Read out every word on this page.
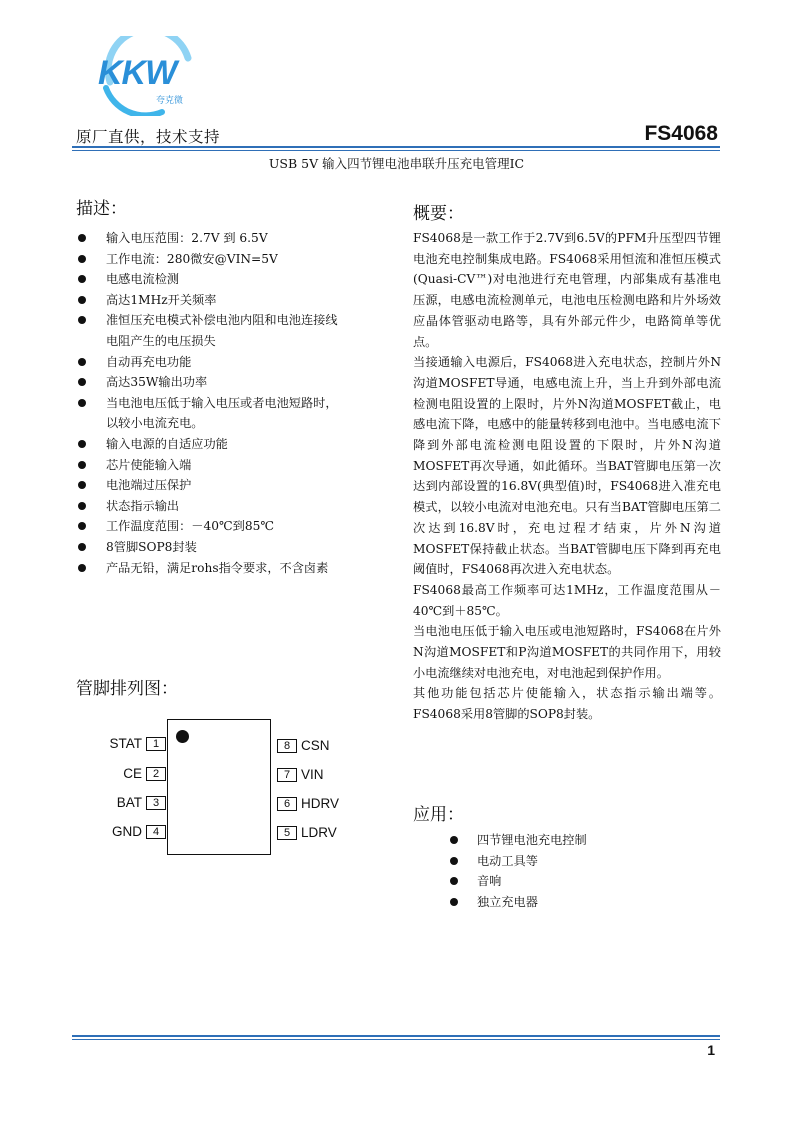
KKW
夸克微
原厂直供，技术支持	FS4068
USB 5V 输入四节锂电池串联升压充电管理IC
描述：
输入电压范围：2.7V 到 6.5V
工作电流：280微安@VIN=5V
电感电流检测
高达1MHz开关频率
准恒压充电模式补偿电池内阻和电池连接线
电阻产生的电压损失
自动再充电功能
高达35W输出功率
当电池电压低于输入电压或者电池短路时，
以较小电流充电。
输入电源的自适应功能
芯片使能输入端
电池端过压保护
状态指示输出
工作温度范围：－40℃到85℃
8管脚SOP8封装
产品无铅，满足rohs指令要求，不含卤素
概要：

FS4068是一款工作于2.7V到6.5V的PFM升压型四节锂电池充电控制集成电路。FS4068采用恒流和准恒压模式(Quasi-CV™)对电池进行充电管理，内部集成有基准电压源，电感电流检测单元，电池电压检测电路和片外场效应晶体管驱动电路等，具有外部元件少，电路简单等优点。

当接通输入电源后，FS4068进入充电状态，控制片外N沟道MOSFET导通，电感电流上升，当上升到外部电流检测电阻设置的上限时，片外N沟道MOSFET截止，电感电流下降，电感中的能量转移到电池中。当电感电流下降到外部电流检测电阻设置的下限时，片外N沟道MOSFET再次导通，如此循环。当BAT管脚电压第一次达到内部设置的16.8V(典型值)时，FS4068进入准充电模式，以较小电流对电池充电。只有当BAT管脚电压第二次达到16.8V时，充电过程才结束，片外N沟道MOSFET保持截止状态。当BAT管脚电压下降到再充电阈值时，FS4068再次进入充电状态。

FS4068最高工作频率可达1MHz，工作温度范围从－40℃到＋85℃。

当电池电压低于输入电压或电池短路时，FS4068在片外N沟道MOSFET和P沟道MOSFET的共同作用下，用较小电流继续对电池充电，对电池起到保护作用。

其他功能包括芯片使能输入，状态指示输出端等。FS4068采用8管脚的SOP8封装。

管脚排列图：
STAT 1
CE 2
BAT 3
GND 4
8 CSN
7 VIN
6 HDRV
5 LDRV
应用：
四节锂电池充电控制
电动工具等
音响
独立充电器
1
